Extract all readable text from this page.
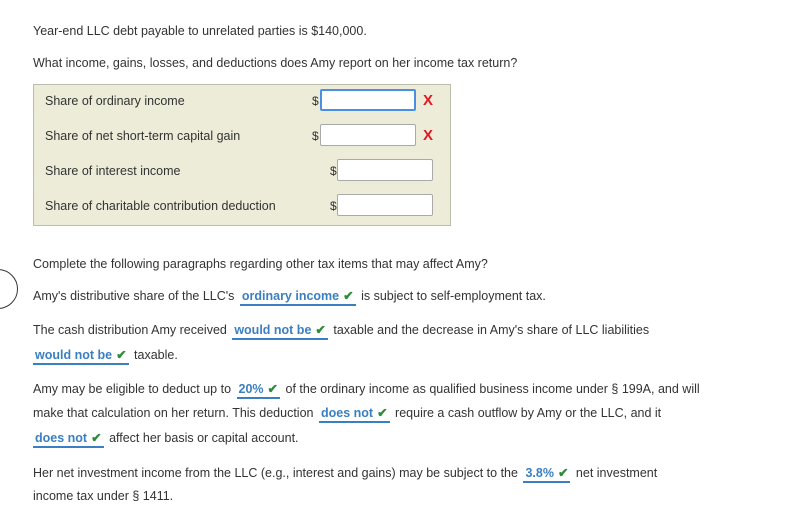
Year-end LLC debt payable to unrelated parties is $140,000.
What income, gains, losses, and deductions does Amy report on her income tax return?
Share of ordinary income	$	X
Share of net short-term capital gain	$	X
Share of interest income	$
Share of charitable contribution deduction	$
Complete the following paragraphs regarding other tax items that may affect Amy?
Amy's distributive share of the LLC's ordinary income ✔ is subject to self-employment tax.
The cash distribution Amy received would not be ✔ taxable and the decrease in Amy's share of LLC liabilities
would not be ✔ taxable.
Amy may be eligible to deduct up to 20% ✔ of the ordinary income as qualified business income under § 199A, and will
make that calculation on her return. This deduction does not ✔ require a cash outflow by Amy or the LLC, and it
does not ✔ affect her basis or capital account.
Her net investment income from the LLC (e.g., interest and gains) may be subject to the 3.8% ✔ net investment
income tax under § 1411.
